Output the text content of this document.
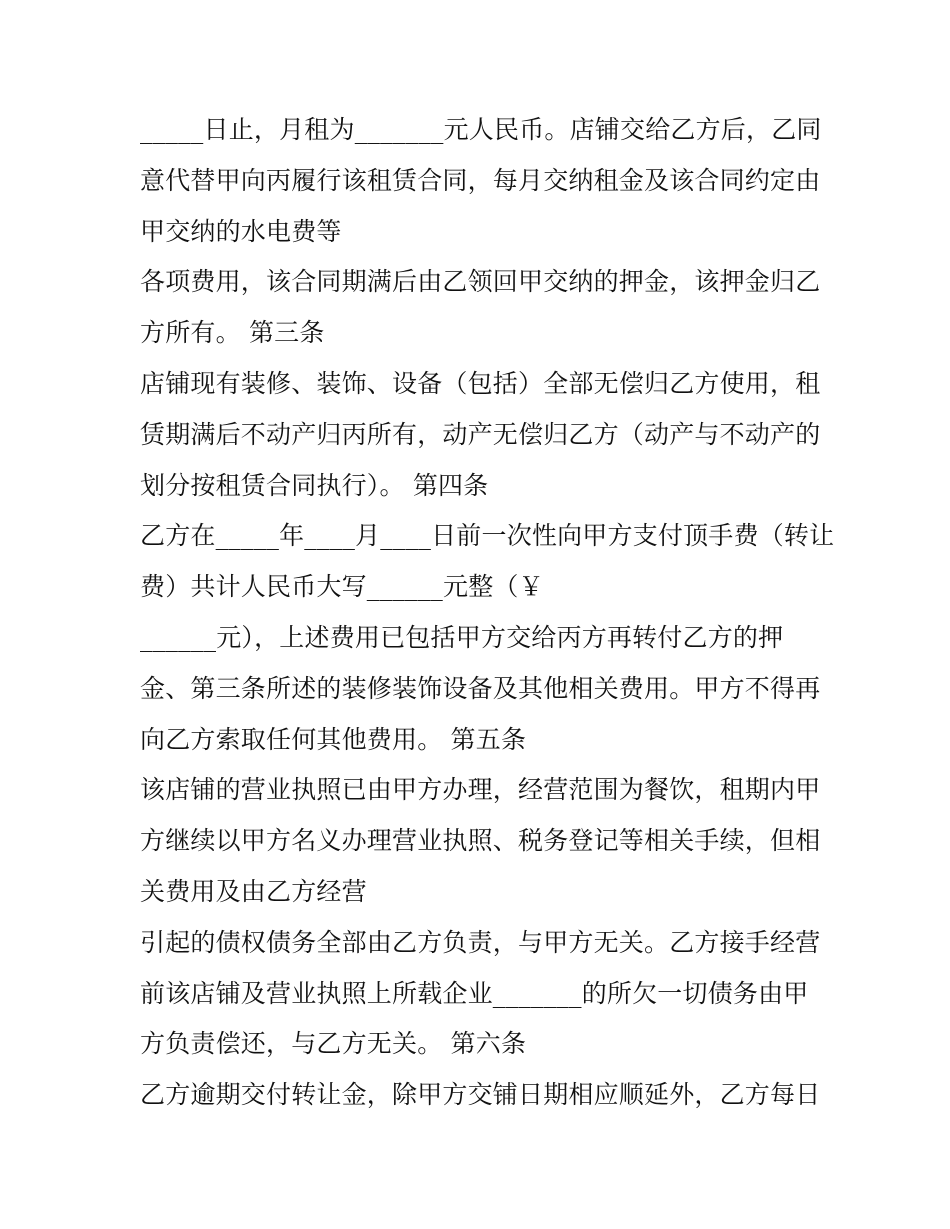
_____日止，月租为_______元人民币。店铺交给乙方后，乙同
意代替甲向丙履行该租赁合同，每月交纳租金及该合同约定由
甲交纳的水电费等
各项费用，该合同期满后由乙领回甲交纳的押金，该押金归乙
方所有。 第三条
店铺现有装修、装饰、设备（包括）全部无偿归乙方使用，租
赁期满后不动产归丙所有，动产无偿归乙方（动产与不动产的
划分按租赁合同执行）。 第四条
乙方在_____年____月____日前一次性向甲方支付顶手费（转让
费）共计人民币大写______元整（￥
______元），上述费用已包括甲方交给丙方再转付乙方的押
金、第三条所述的装修装饰设备及其他相关费用。甲方不得再
向乙方索取任何其他费用。 第五条
该店铺的营业执照已由甲方办理，经营范围为餐饮，租期内甲
方继续以甲方名义办理营业执照、税务登记等相关手续，但相
关费用及由乙方经营
引起的债权债务全部由乙方负责，与甲方无关。乙方接手经营
前该店铺及营业执照上所载企业_______的所欠一切债务由甲
方负责偿还，与乙方无关。 第六条
乙方逾期交付转让金，除甲方交铺日期相应顺延外，乙方每日
